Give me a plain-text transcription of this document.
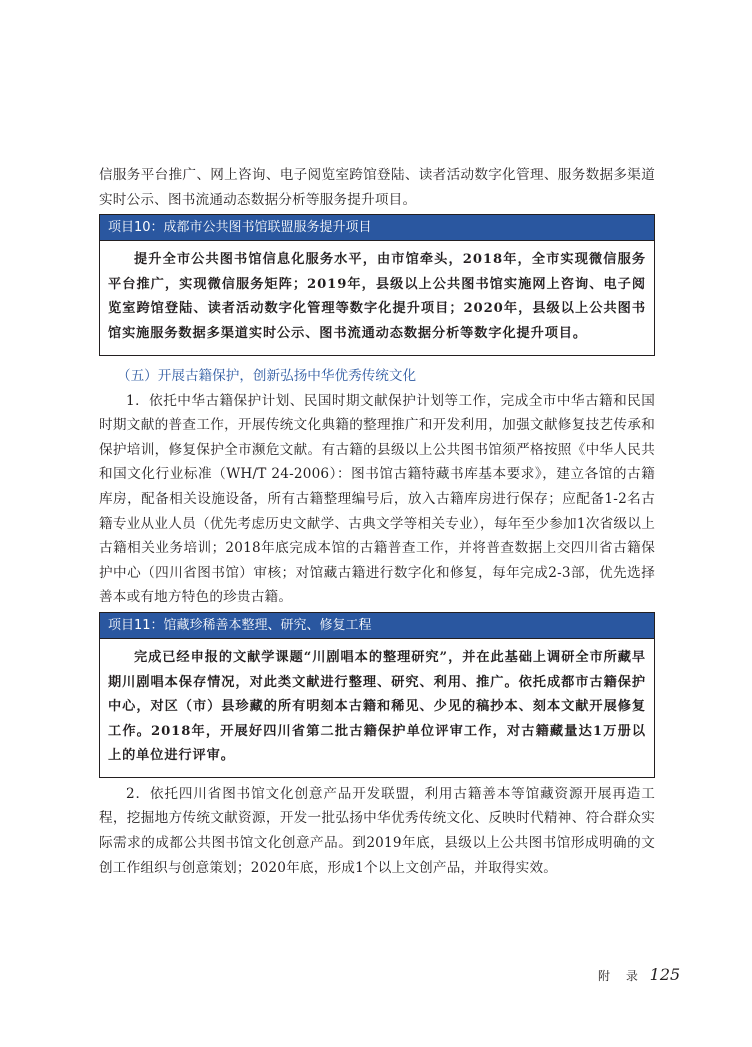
信服务平台推广、网上咨询、电子阅览室跨馆登陆、读者活动数字化管理、服务数据多渠道实时公示、图书流通动态数据分析等服务提升项目。

项目10：成都市公共图书馆联盟服务提升项目

提升全市公共图书馆信息化服务水平，由市馆牵头，2018年，全市实现微信服务平台推广，实现微信服务矩阵；2019年，县级以上公共图书馆实施网上咨询、电子阅览室跨馆登陆、读者活动数字化管理等数字化提升项目；2020年，县级以上公共图书馆实施服务数据多渠道实时公示、图书流通动态数据分析等数字化提升项目。

（五）开展古籍保护，创新弘扬中华优秀传统文化

1．依托中华古籍保护计划、民国时期文献保护计划等工作，完成全市中华古籍和民国时期文献的普查工作，开展传统文化典籍的整理推广和开发利用，加强文献修复技艺传承和保护培训，修复保护全市濒危文献。有古籍的县级以上公共图书馆须严格按照《中华人民共和国文化行业标准（WH/T 24-2006）：图书馆古籍特藏书库基本要求》，建立各馆的古籍库房，配备相关设施设备，所有古籍整理编号后，放入古籍库房进行保存；应配备1-2名古籍专业从业人员（优先考虑历史文献学、古典文学等相关专业），每年至少参加1次省级以上古籍相关业务培训；2018年底完成本馆的古籍普查工作，并将普查数据上交四川省古籍保护中心（四川省图书馆）审核；对馆藏古籍进行数字化和修复，每年完成2-3部，优先选择善本或有地方特色的珍贵古籍。

项目11：馆藏珍稀善本整理、研究、修复工程

完成已经申报的文献学课题“川剧唱本的整理研究”，并在此基础上调研全市所藏早期川剧唱本保存情况，对此类文献进行整理、研究、利用、推广。依托成都市古籍保护中心，对区（市）县珍藏的所有明刻本古籍和稀见、少见的稿抄本、刻本文献开展修复工作。2018年，开展好四川省第二批古籍保护单位评审工作，对古籍藏量达1万册以上的单位进行评审。

2．依托四川省图书馆文化创意产品开发联盟，利用古籍善本等馆藏资源开展再造工程，挖掘地方传统文献资源，开发一批弘扬中华优秀传统文化、反映时代精神、符合群众实际需求的成都公共图书馆文化创意产品。到2019年底，县级以上公共图书馆形成明确的文创工作组织与创意策划；2020年底，形成1个以上文创产品，并取得实效。

附 录 125
